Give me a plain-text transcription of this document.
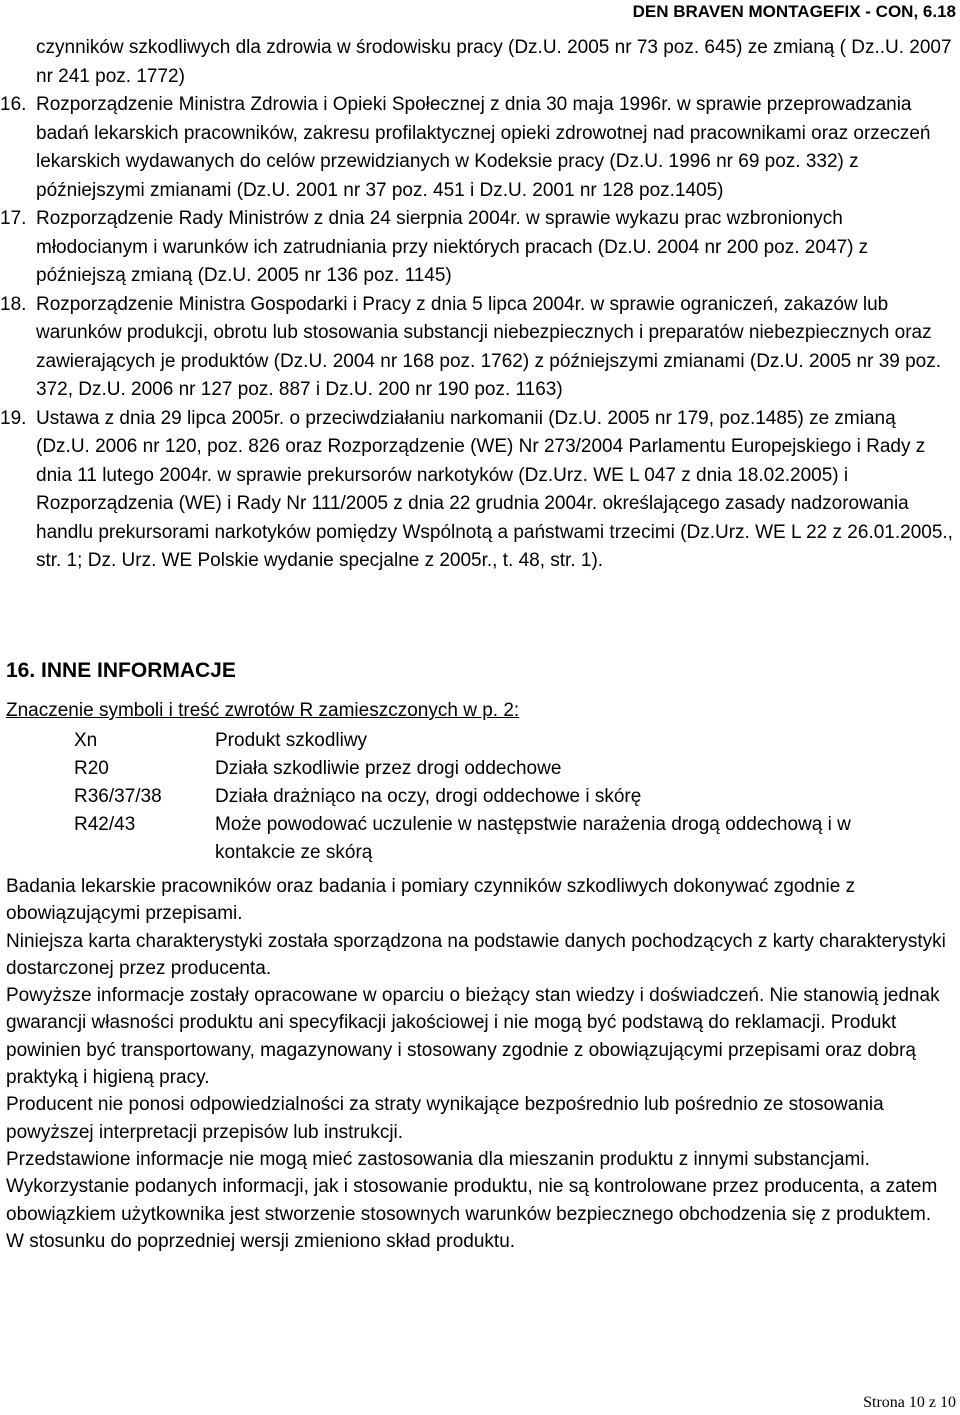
DEN BRAVEN MONTAGEFIX - CON, 6.18
czynników szkodliwych dla zdrowia w środowisku pracy (Dz.U. 2005 nr 73 poz. 645) ze zmianą ( Dz..U. 2007 nr 241 poz. 1772)
16. Rozporządzenie Ministra Zdrowia i Opieki Społecznej z dnia 30 maja 1996r. w sprawie przeprowadzania badań lekarskich pracowników, zakresu profilaktycznej opieki zdrowotnej nad pracownikami oraz orzeczeń lekarskich wydawanych do celów przewidzianych w Kodeksie pracy (Dz.U. 1996 nr 69 poz. 332) z późniejszymi zmianami (Dz.U. 2001 nr 37 poz. 451 i Dz.U. 2001 nr 128 poz.1405)
17. Rozporządzenie Rady Ministrów z dnia 24 sierpnia 2004r. w sprawie wykazu prac wzbronionych młodocianym i warunków ich zatrudniania przy niektórych pracach (Dz.U. 2004 nr 200 poz. 2047) z późniejszą zmianą (Dz.U. 2005 nr 136 poz. 1145)
18. Rozporządzenie Ministra Gospodarki i Pracy z dnia 5 lipca 2004r. w sprawie ograniczeń, zakazów lub warunków produkcji, obrotu lub stosowania substancji niebezpiecznych i preparatów niebezpiecznych oraz zawierających je produktów (Dz.U. 2004 nr 168 poz. 1762) z późniejszymi zmianami (Dz.U. 2005 nr 39 poz. 372, Dz.U. 2006 nr 127 poz. 887 i Dz.U. 200 nr 190 poz. 1163)
19. Ustawa z dnia 29 lipca 2005r. o przeciwdziałaniu narkomanii (Dz.U. 2005 nr 179, poz.1485) ze zmianą (Dz.U. 2006 nr 120, poz. 826 oraz Rozporządzenie (WE) Nr 273/2004 Parlamentu Europejskiego i Rady z dnia 11 lutego 2004r. w sprawie prekursorów narkotyków (Dz.Urz. WE L 047 z dnia 18.02.2005) i Rozporządzenia (WE) i Rady Nr 111/2005 z dnia 22 grudnia 2004r. określającego zasady nadzorowania handlu prekursorami narkotyków pomiędzy Wspólnotą a państwami trzecimi (Dz.Urz. WE L 22 z 26.01.2005., str. 1; Dz. Urz. WE Polskie wydanie specjalne z 2005r., t. 48, str. 1).
16. INNE INFORMACJE
Znaczenie symboli i treść zwrotów R zamieszczonych w p. 2:
Xn	Produkt szkodliwy
R20	Działa szkodliwie przez drogi oddechowe
R36/37/38	Działa drażniąco na oczy, drogi oddechowe i skórę
R42/43	Może powodować uczulenie w następstwie narażenia drogą oddechową i w kontakcie ze skórą

Badania lekarskie pracowników oraz badania i pomiary czynników szkodliwych dokonywać zgodnie z obowiązującymi przepisami.

Niniejsza karta charakterystyki została sporządzona na podstawie danych pochodzących z karty charakterystyki dostarczonej przez producenta.

Powyższe informacje zostały opracowane w oparciu o bieżący stan wiedzy i doświadczeń. Nie stanowią jednak gwarancji własności produktu ani specyfikacji jakościowej i nie mogą być podstawą do reklamacji. Produkt powinien być transportowany, magazynowany i stosowany zgodnie z obowiązującymi przepisami oraz dobrą praktyką i higieną pracy.

Producent nie ponosi odpowiedzialności za straty wynikające bezpośrednio lub pośrednio ze stosowania powyższej interpretacji przepisów lub instrukcji.

Przedstawione informacje nie mogą mieć zastosowania dla mieszanin produktu z innymi substancjami. Wykorzystanie podanych informacji, jak i stosowanie produktu, nie są kontrolowane przez producenta, a zatem obowiązkiem użytkownika jest stworzenie stosownych warunków bezpiecznego obchodzenia się z produktem.

W stosunku do poprzedniej wersji zmieniono skład produktu.

Strona 10 z 10
